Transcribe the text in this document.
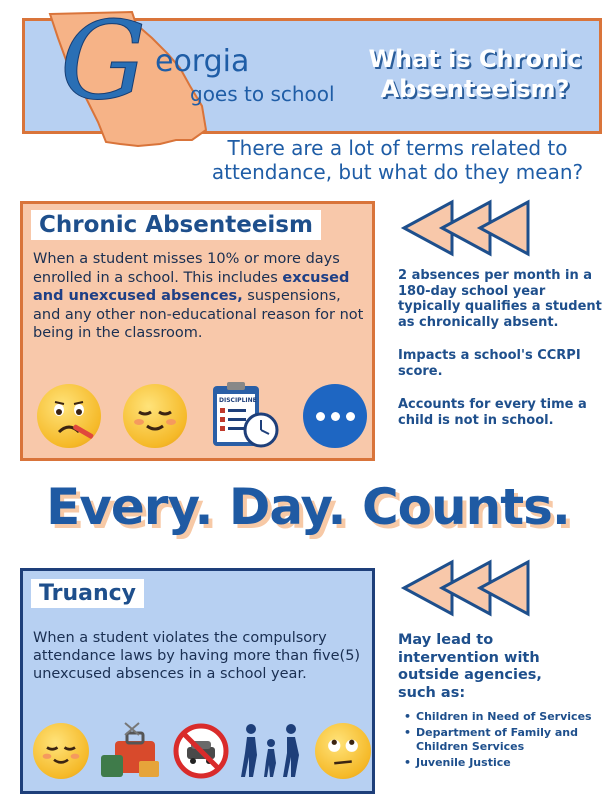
G eorgia
goes to school
What is Chronic Absenteeism?
There are a lot of terms related to attendance, but what do they mean?
Chronic Absenteeism
When a student misses 10% or more days enrolled in a school. This includes excused and unexcused absences, suspensions, and any other non-educational reason for not being in the classroom.
DISCIPLINE

2 absences per month in a 180-day school year typically qualifies a student as chronically absent.

Impacts a school's CCRPI score.

Accounts for every time a child is not in school.

Every. Day. Counts.
Truancy
When a student violates the compulsory attendance laws by having more than five(5) unexcused absences in a school year.

May lead to intervention with outside agencies, such as:

• Children in Need of Services
• Department of Family and Children Services
• Juvenile Justice
